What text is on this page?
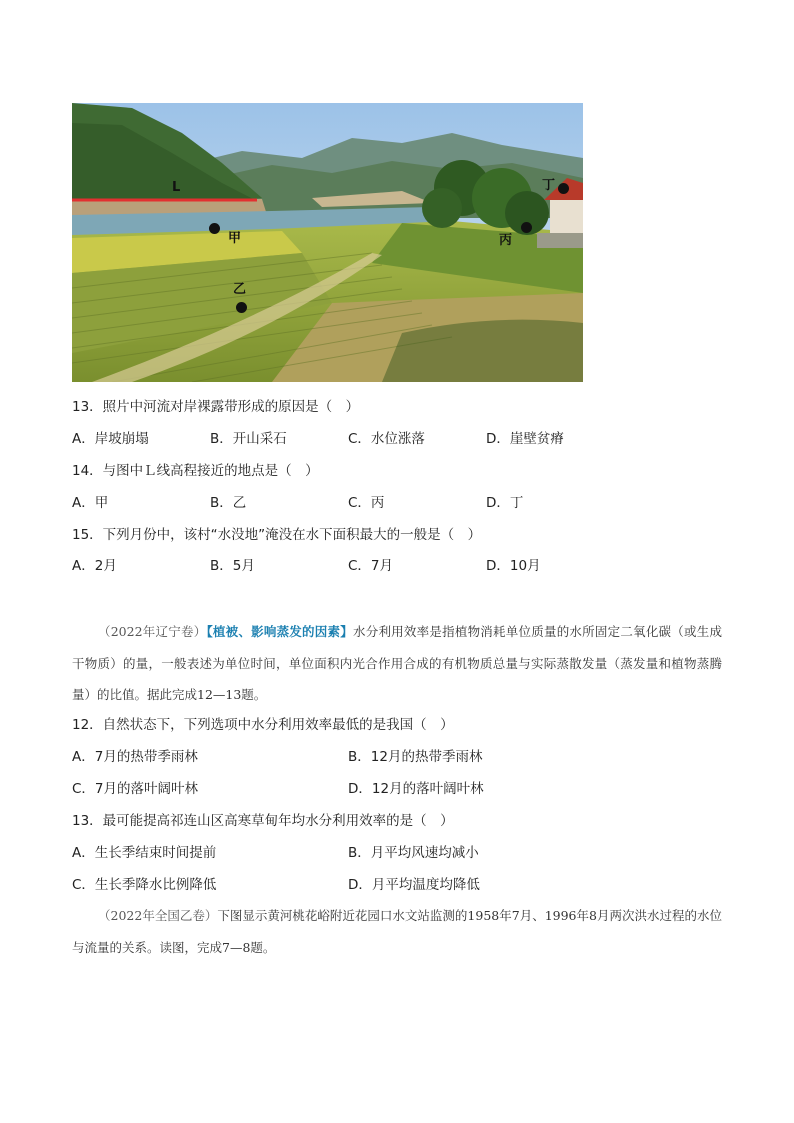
L
甲
乙
丙
丁
13．照片中河流对岸裸露带形成的原因是（　）
A．岸坡崩塌	B．开山采石	C．水位涨落	D．崖壁贫瘠
14．与图中Ｌ线高程接近的地点是（　）
A．甲	B．乙	C．丙	D．丁
15．下列月份中，该村“水没地”淹没在水下面积最大的一般是（　）
A．2月	B．5月	C．7月	D．10月
（2022年辽宁卷）【植被、影响蒸发的因素】水分利用效率是指植物消耗单位质量的水所固定二氧化碳（或生成干物质）的量，一般表述为单位时间，单位面积内光合作用合成的有机物质总量与实际蒸散发量（蒸发量和植物蒸腾量）的比值。据此完成12—13题。
12．自然状态下，下列选项中水分利用效率最低的是我国（　）
A．7月的热带季雨林	B．12月的热带季雨林
C．7月的落叶阔叶林	D．12月的落叶阔叶林
13．最可能提高祁连山区高寒草甸年均水分利用效率的是（　）
A．生长季结束时间提前	B．月平均风速均减小
C．生长季降水比例降低	D．月平均温度均降低
（2022年全国乙卷）下图显示黄河桃花峪附近花园口水文站监测的1958年7月、1996年8月两次洪水过程的水位与流量的关系。读图，完成7—8题。
